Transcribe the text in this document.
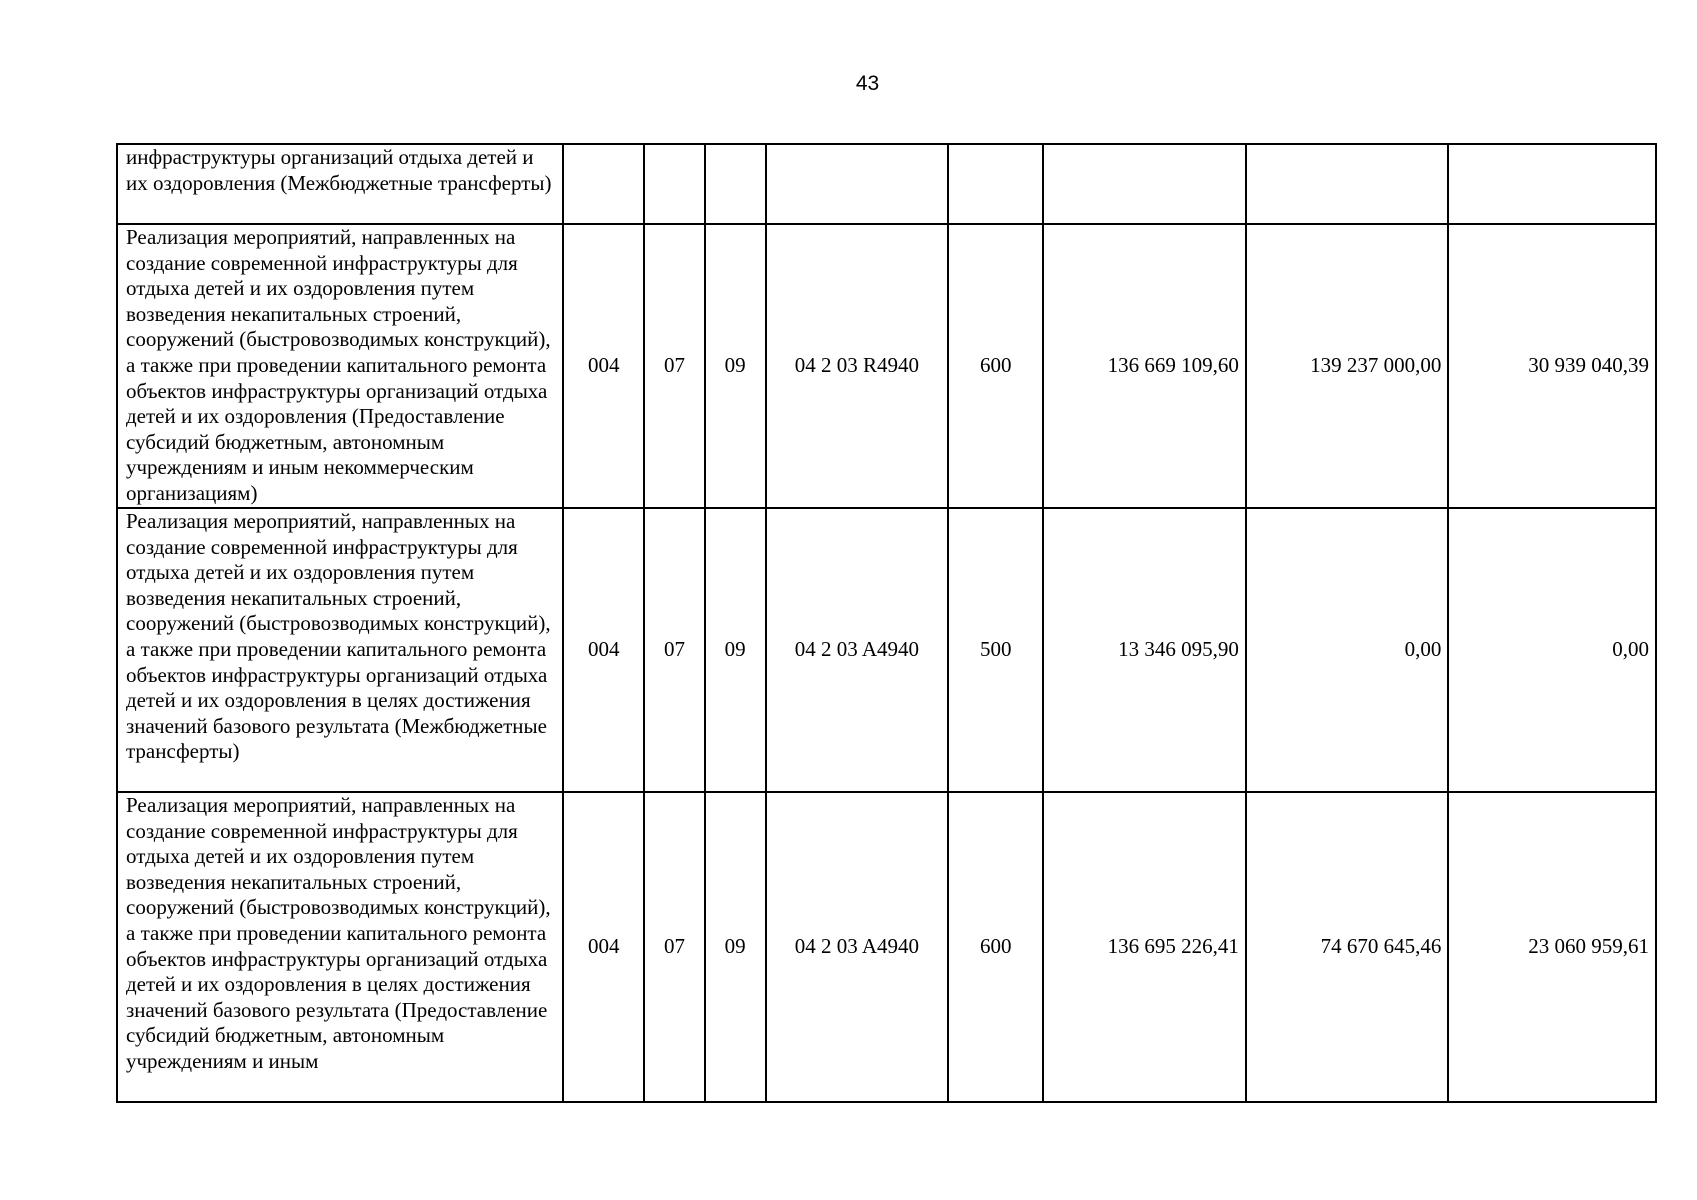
43
инфраструктуры организаций отдыха детей и их оздоровления (Межбюджетные трансферты)								
Реализация мероприятий, направленных на создание современной инфраструктуры для отдыха детей и их оздоровления путем возведения некапитальных строений, сооружений (быстровозводимых конструкций), а также при проведении капитального ремонта объектов инфраструктуры организаций отдыха детей и их оздоровления (Предоставление субсидий бюджетным, автономным учреждениям и иным некоммерческим организациям)	004	07	09	04 2 03 R4940	600	136 669 109,60	139 237 000,00	30 939 040,39
Реализация мероприятий, направленных на создание современной инфраструктуры для отдыха детей и их оздоровления путем возведения некапитальных строений, сооружений (быстровозводимых конструкций), а также при проведении капитального ремонта объектов инфраструктуры организаций отдыха детей и их оздоровления в целях достижения значений базового результата (Межбюджетные трансферты)	004	07	09	04 2 03 A4940	500	13 346 095,90	0,00	0,00
Реализация мероприятий, направленных на создание современной инфраструктуры для отдыха детей и их оздоровления путем возведения некапитальных строений, сооружений (быстровозводимых конструкций), а также при проведении капитального ремонта объектов инфраструктуры организаций отдыха детей и их оздоровления в целях достижения значений базового результата (Предоставление субсидий бюджетным, автономным учреждениям и иным	004	07	09	04 2 03 A4940	600	136 695 226,41	74 670 645,46	23 060 959,61
